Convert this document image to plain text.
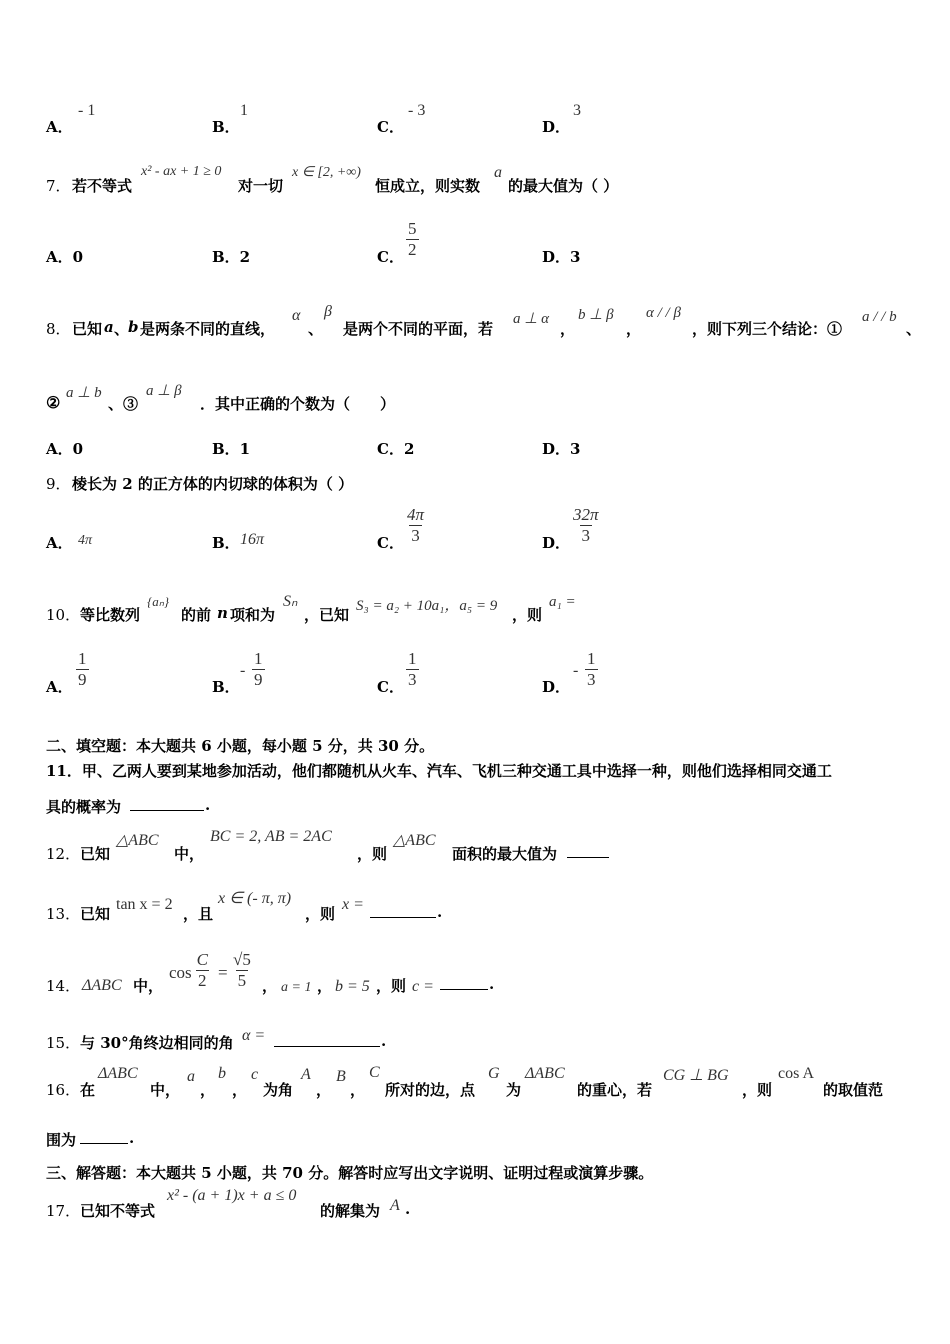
A．
- 1
B．
1
C．
- 3
D．
3
7． 若不等式
x² - ax + 1 ≥ 0
对一切
x ∈ [2, +∞)
恒成立，则实数
a
的最大值为（ ）
A．0	B．2	C． $\frac{5}{2}$	D．3
8． 已知 a 、
b 是两条不同的直线，
α
、
β
是两个不同的平面，若
a ⊥ α
，
b ⊥ β
，
α / / β
，则下列三个结论：①
a / / b
、
② a ⊥ b
、③
a ⊥ β
．其中正确的个数为（　　）
A．0	B．1	C．2	D．3
9． 棱长为 2 的正方体的内切球的体积为（ ）
A． 4π	B． 16π	C． $\frac{4\pi}{3}$	D． $\frac{32\pi}{3}$
10． 等比数列
{aₙ}
的前 n 项和为
Sₙ
，已知 S₃ = a₂ + 10a₁，a₅ = 9 ，则
a₁ =
A． $\frac{1}{9}$	B．
- $\frac{1}{9}$	C． $\frac{1}{3}$	D．
- $\frac{1}{3}$
二、填空题：本大题共 6 小题，每小题 5 分，共 30 分。
11．甲、乙两人要到某地参加活动，他们都随机从火车、汽车、飞机三种交通工具中选择一种，则他们选择相同交通工
具的概率为	.
12． 已知
△ABC
中，
BC = 2, AB = 2AC
，则
△ABC
面积的最大值为
13． 已知
tan x = 2
，且
x ∈ (- π, π)
，则
x =	.
14． ΔABC 中，
$\cos \frac{C}{2} = \frac{√5}{5}$ ， a = 1 ， b = 5 ，则 c =	.
15． 与 30°角终边相同的角 α =	.
16． 在
ΔABC
中，
a
，
b
，
c
为角
A
，
B
，
C
所对的边，点
G
为
ΔABC
的重心，若
CG ⊥ BG
，则
cos A
的取值范
围为	.
三、解答题：本大题共 5 小题，共 70 分。解答时应写出文字说明、证明过程或演算步骤。
17． 已知不等式
x² - (a + 1)x + a ≤ 0
的解集为 A .
